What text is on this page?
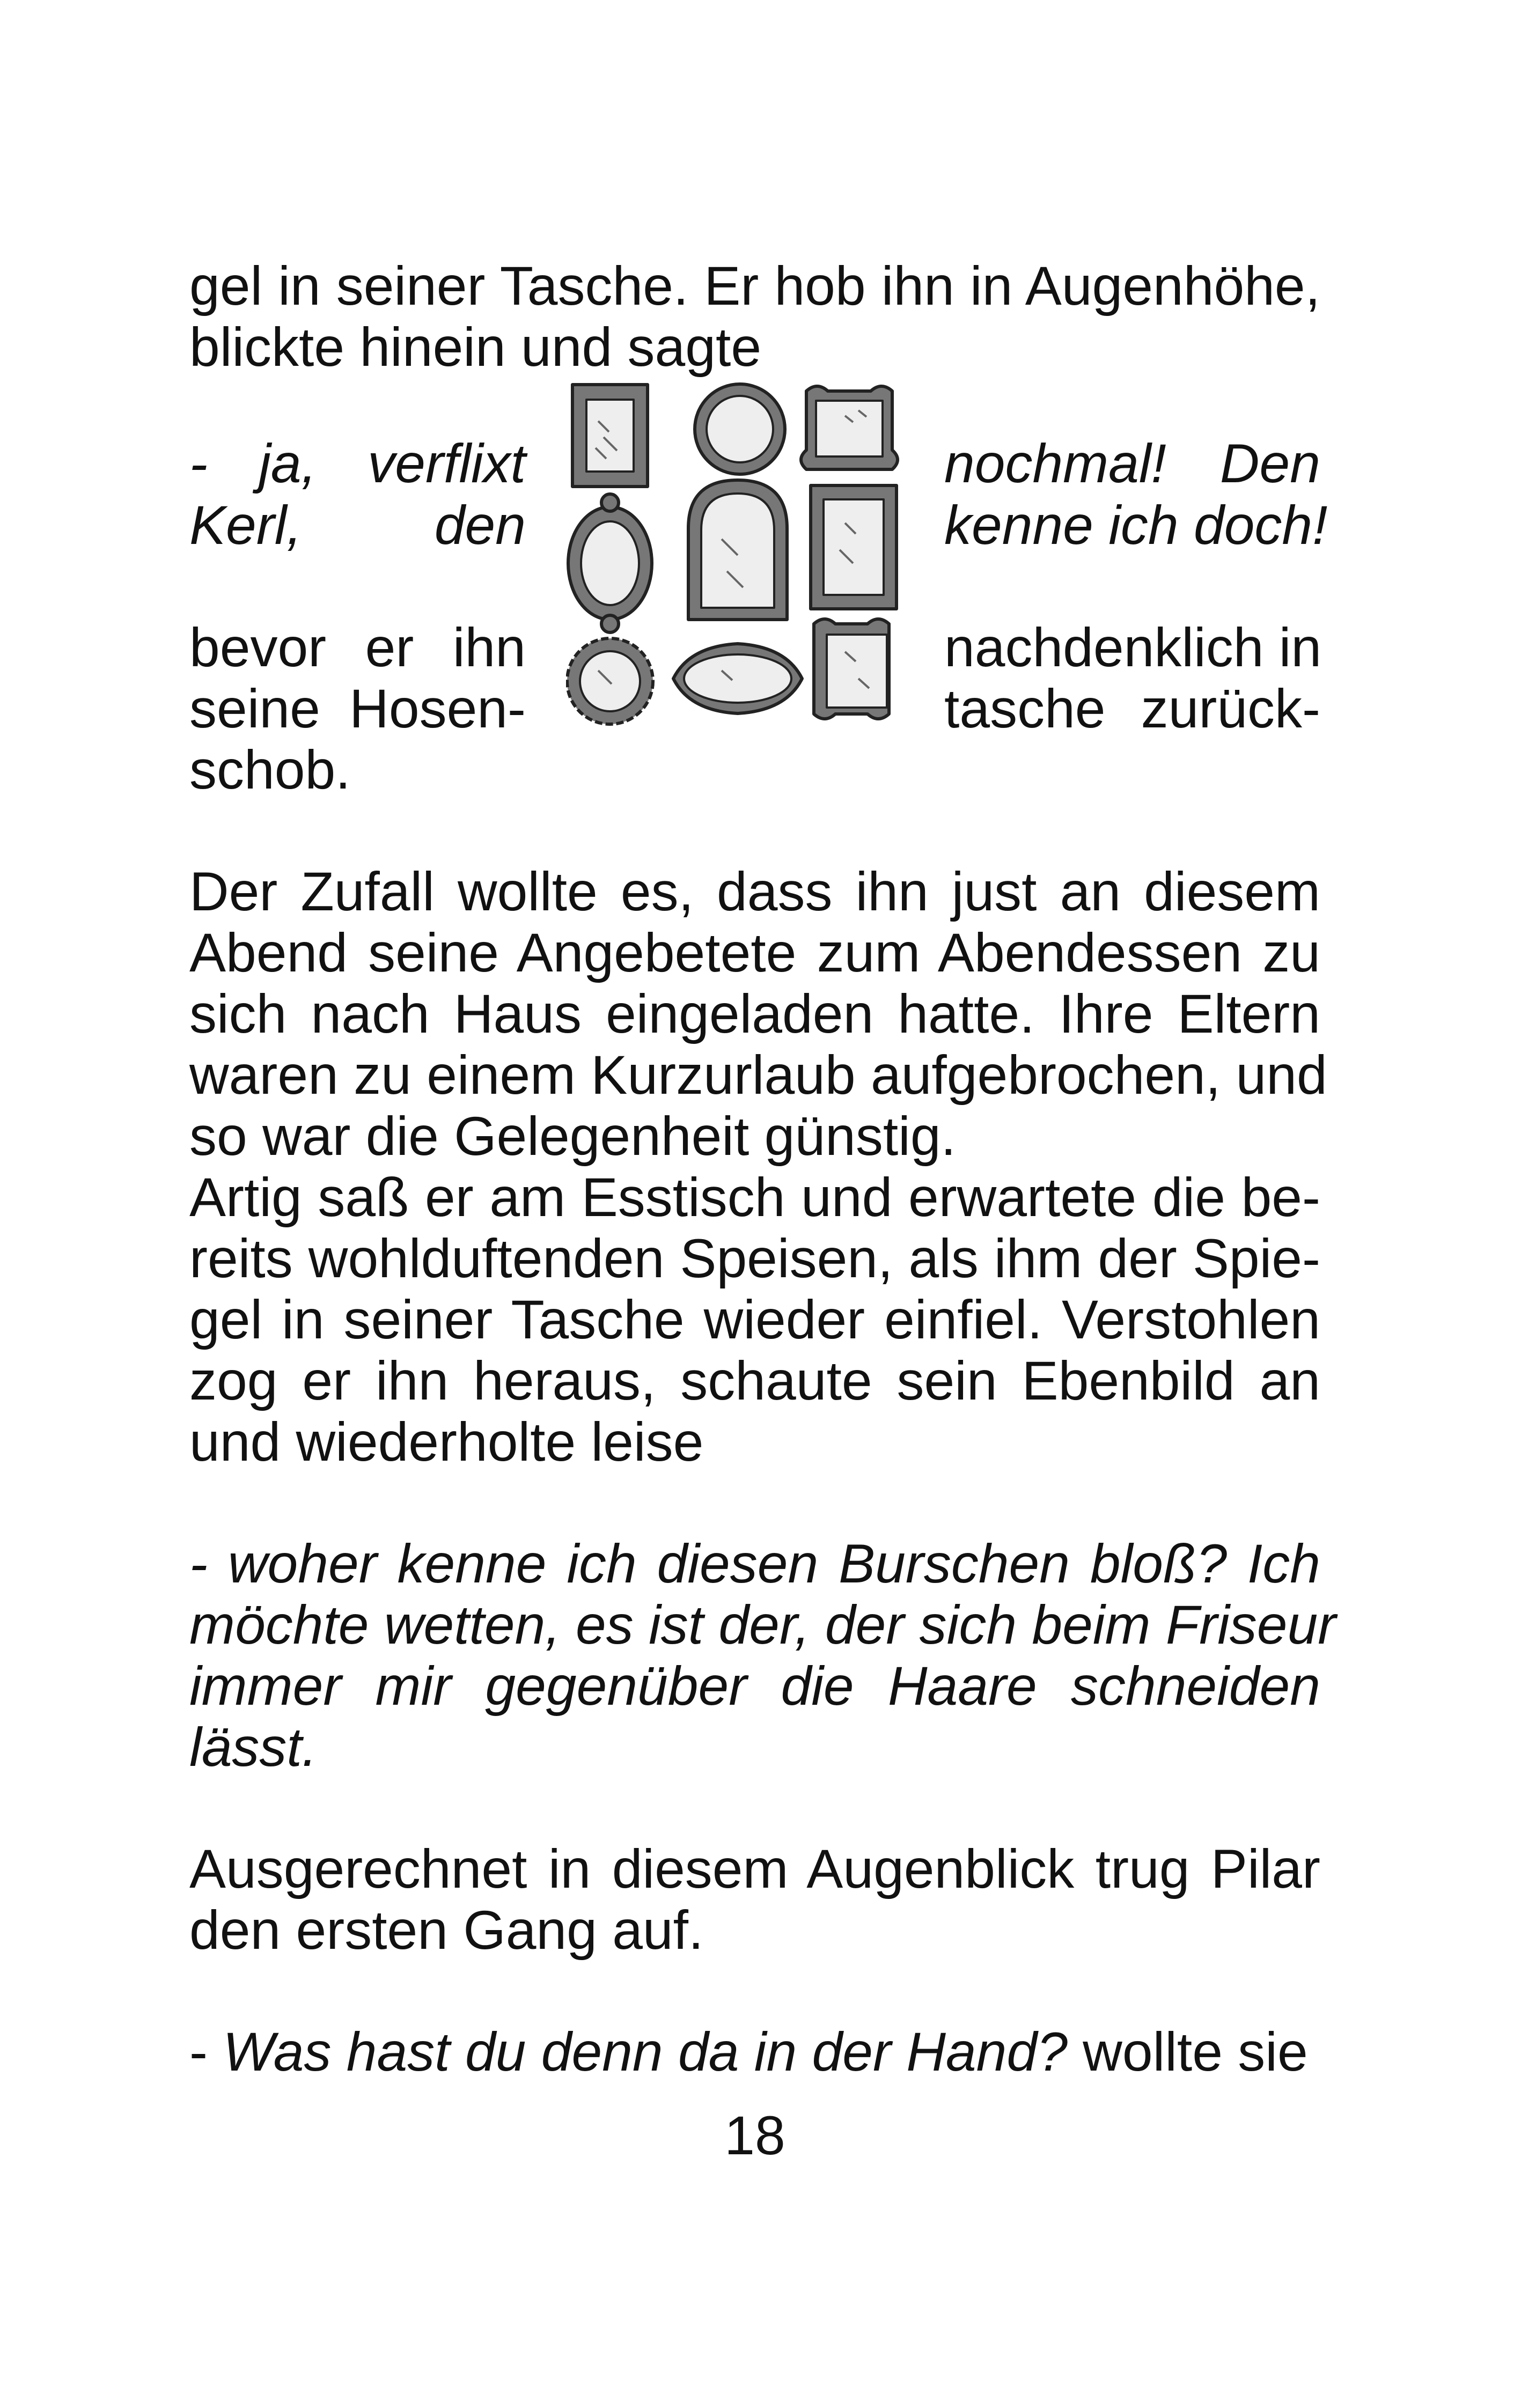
gel in seiner Tasche. Er hob ihn in Augenhöhe,
blickte hinein und sagte
- ja, verflixt	nochmal! Den
Kerl, den	kenne ich doch!
bevor er ihn	nachdenklich in
seine Hosen-	tasche zurück-
schob.
Der Zufall wollte es, dass ihn just an diesem
Abend seine Angebetete zum Abendessen zu
sich nach Haus eingeladen hatte. Ihre Eltern
waren zu einem Kurzurlaub aufgebrochen, und
so war die Gelegenheit günstig.
Artig saß er am Esstisch und erwartete die be-
reits wohlduftenden Speisen, als ihm der Spie-
gel in seiner Tasche wieder einfiel. Verstohlen
zog er ihn heraus, schaute sein Ebenbild an
und wiederholte leise
- woher kenne ich diesen Burschen bloß? Ich
möchte wetten, es ist der, der sich beim Friseur
immer mir gegenüber die Haare schneiden
lässt.
Ausgerechnet in diesem Augenblick trug Pilar
den ersten Gang auf.
- Was hast du denn da in der Hand? wollte sie
18
